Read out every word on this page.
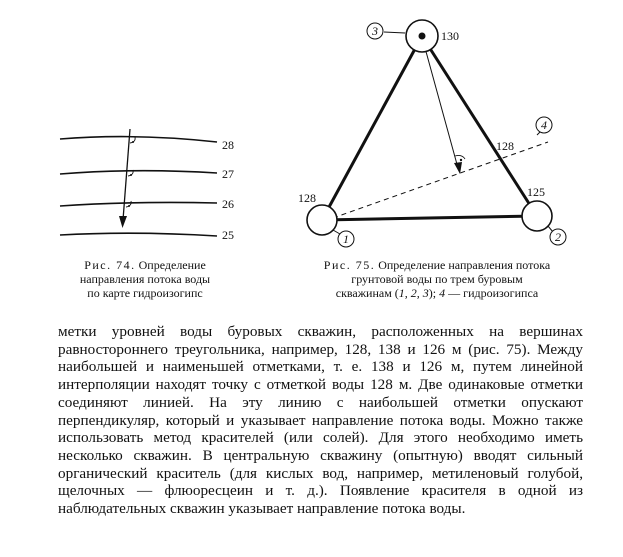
28
27
26
25
Рис. 74. Определение
направления потока воды
по карте гидроизогипс
3
1	2
4
130
128	125
128
Рис. 75. Определение направления потока
грунтовой воды по трем буровым
скважинам (1, 2, 3); 4 — гидроизогипса

метки уровней воды буровых скважин, расположенных на вершинах равностороннего треугольника, например, 128, 138 и 126 м (рис. 75). Между наибольшей и наименьшей отметками, т. е. 138 и 126 м, путем линейной интерполяции находят точку с отметкой воды 128 м. Две одинаковые отметки соединяют линией. На эту линию с наибольшей отметки опускают перпендикуляр, который и указывает направление потока воды. Можно также использовать метод красителей (или солей). Для этого необходимо иметь несколько скважин. В центральную скважину (опытную) вводят сильный органический краситель (для кислых вод, например, метиленовый голубой, щелочных — флюоресцеин и т. д.). Появление красителя в одной из наблюдательных скважин указывает направление потока воды.
